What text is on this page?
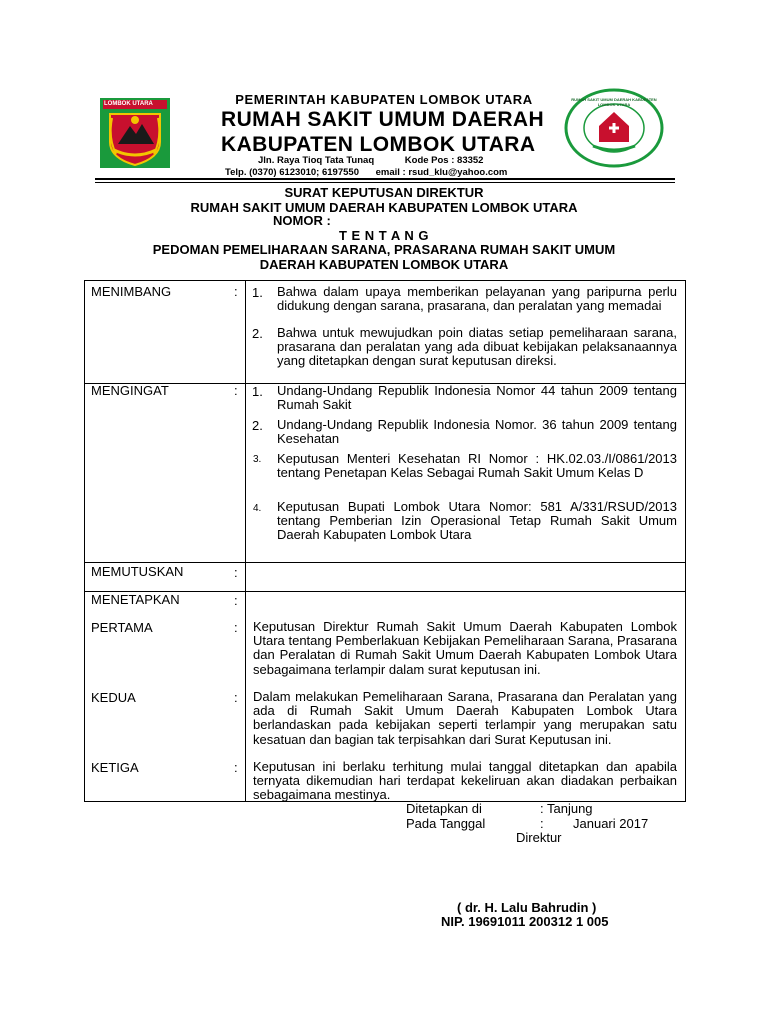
LOMBOK UTARA
RUMAH SAKIT UMUM DAERAH KABUPATEN LOMBOK UTARA
PEMERINTAH KABUPATEN LOMBOK UTARA
RUMAH SAKIT UMUM DAERAH
KABUPATEN LOMBOK UTARA
Jln. Raya Tioq Tata Tunaq	Kode Pos : 83352
Telp. (0370) 6123010; 6197550 email : rsud_klu@yahoo.com
SURAT KEPUTUSAN DIREKTUR
RUMAH SAKIT UMUM DAERAH KABUPATEN LOMBOK UTARA
NOMOR :
T E N T A N G
PEDOMAN PEMELIHARAAN SARANA, PRASARANA RUMAH SAKIT UMUM
DAERAH KABUPATEN LOMBOK UTARA
MENIMBANG	: 1. Bahwa dalam upaya memberikan pelayanan yang paripurna perlu didukung dengan sarana, prasarana, dan peralatan yang memadai
2. Bahwa untuk mewujudkan poin diatas setiap pemeliharaan sarana, prasarana dan peralatan yang ada dibuat kebijakan pelaksanaannya yang ditetapkan dengan surat keputusan direksi.
MENGINGAT	: 1. Undang-Undang Republik Indonesia Nomor 44 tahun 2009 tentang Rumah Sakit
2. Undang-Undang Republik Indonesia Nomor. 36 tahun 2009 tentang Kesehatan
3. Keputusan Menteri Kesehatan RI Nomor : HK.02.03./I/0861/2013 tentang Penetapan Kelas Sebagai Rumah Sakit Umum Kelas D
4. Keputusan Bupati Lombok Utara Nomor: 581 A/331/RSUD/2013 tentang Pemberian Izin Operasional Tetap Rumah Sakit Umum Daerah Kabupaten Lombok Utara
MEMUTUSKAN	:
MENETAPKAN	:
PERTAMA	: Keputusan Direktur Rumah Sakit Umum Daerah Kabupaten Lombok Utara tentang Pemberlakuan Kebijakan Pemeliharaan Sarana, Prasarana dan Peralatan di Rumah Sakit Umum Daerah Kabupaten Lombok Utara sebagaimana terlampir dalam surat keputusan ini.
KEDUA	: Dalam melakukan Pemeliharaan Sarana, Prasarana dan Peralatan yang ada di Rumah Sakit Umum Daerah Kabupaten Lombok Utara berlandaskan pada kebijakan seperti terlampir yang merupakan satu kesatuan dan bagian tak terpisahkan dari Surat Keputusan ini.
KETIGA	: Keputusan ini berlaku terhitung mulai tanggal ditetapkan dan apabila ternyata dikemudian hari terdapat kekeliruan akan diadakan perbaikan sebagaimana mestinya.
Ditetapkan di	: Tanjung
Pada Tanggal	: Januari 2017
Direktur
( dr. H. Lalu Bahrudin )
NIP. 19691011 200312 1 005
